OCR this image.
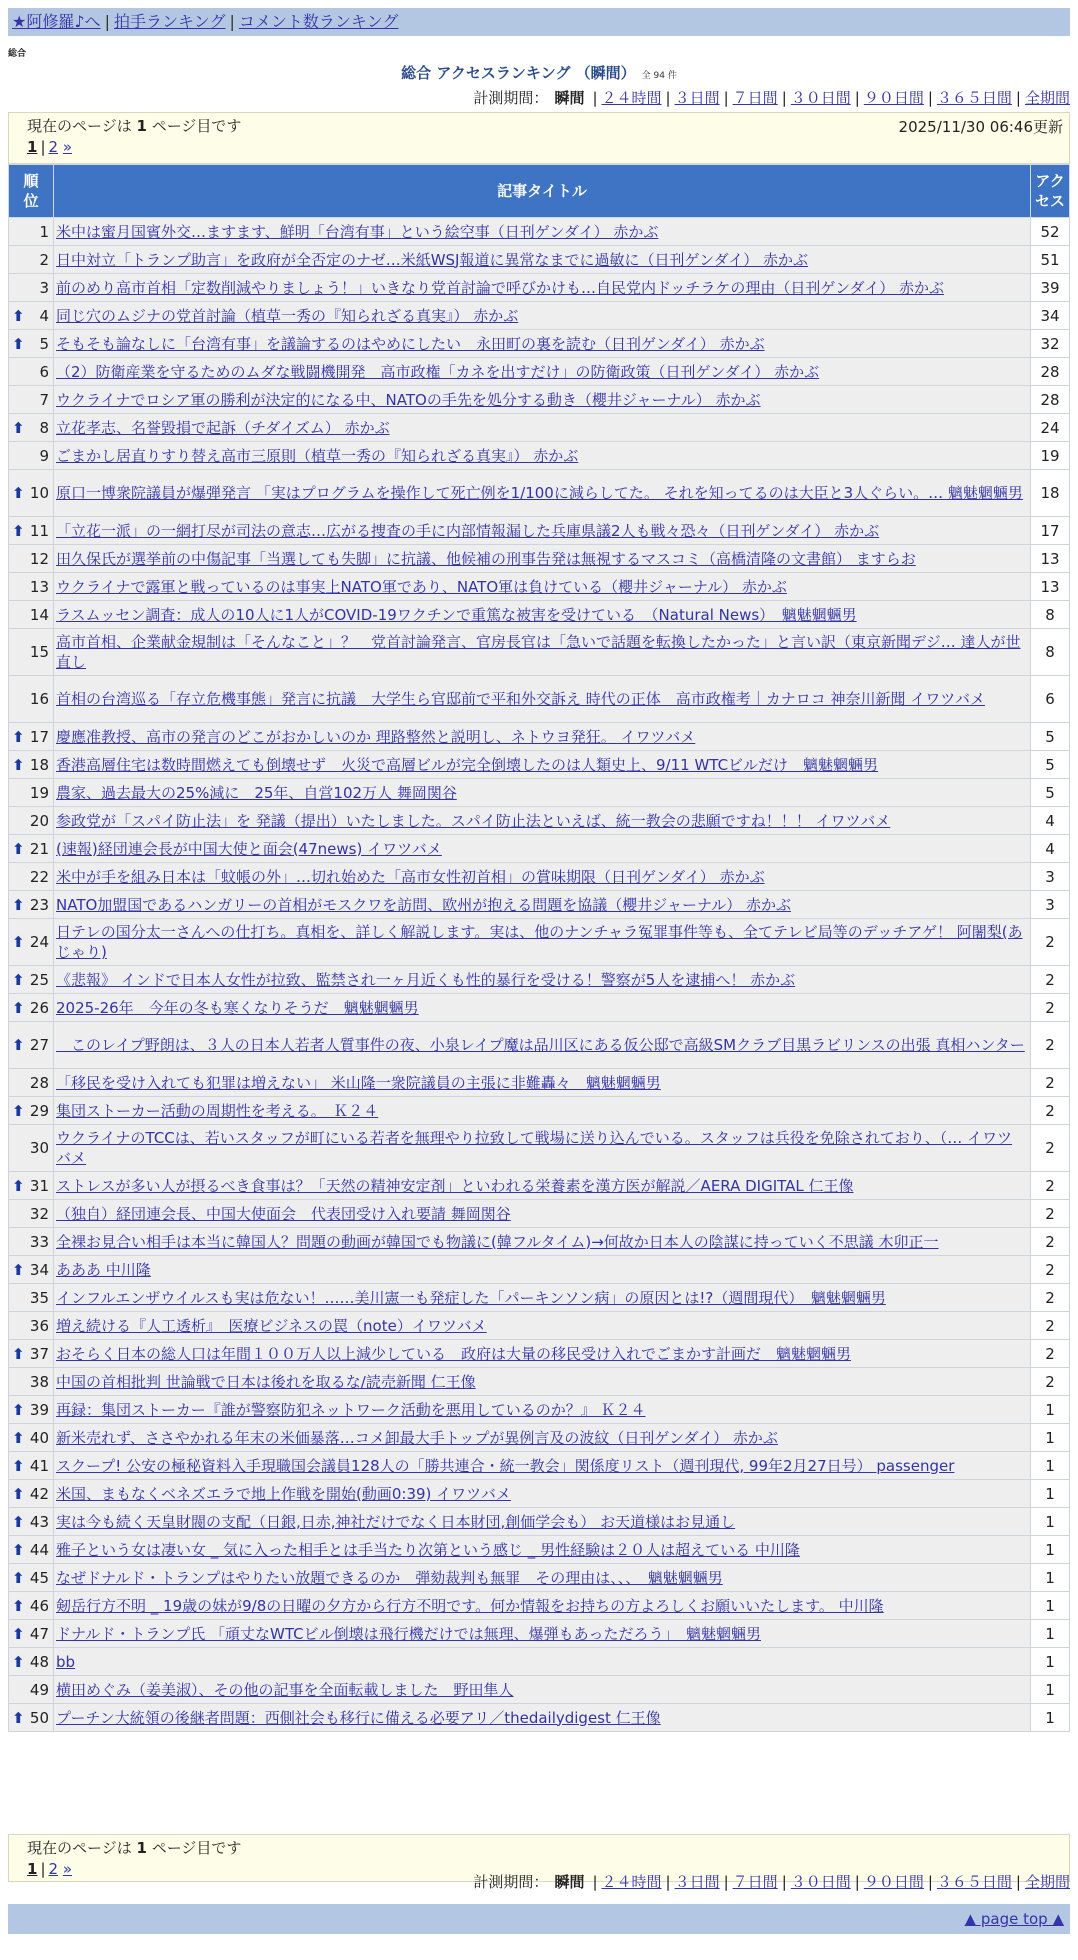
★阿修羅♪へ | 拍手ランキング | コメント数ランキング
総合
総合 アクセスランキング （瞬間） 全 94 件
計測期間： 瞬間 | ２４時間 | ３日間 | ７日間 | ３０日間 | ９０日間 | ３６５日間 | 全期間
現在のページは 1 ページ目です	2025/11/30 06:46更新
1 | 2 »
順位	記事タイトル	アクセス
1	米中は蜜月国賓外交…ますます、鮮明「台湾有事」という絵空事（日刊ゲンダイ） 赤かぶ	52
2	日中対立「トランプ助言」を政府が全否定のナゼ…米紙WSJ報道に異常なまでに過敏に（日刊ゲンダイ） 赤かぶ	51
3	前のめり高市首相「定数削減やりましょう！」いきなり党首討論で呼びかけも…自民党内ドッチラケの理由（日刊ゲンダイ） 赤かぶ	39

⬆ 4	同じ穴のムジナの党首討論（植草一秀の『知られざる真実』） 赤かぶ	34

⬆ 5	そもそも論なしに「台湾有事」を議論するのはやめにしたい　永田町の裏を読む（日刊ゲンダイ） 赤かぶ	32
6	（2）防衛産業を守るためのムダな戦闘機開発　高市政権「カネを出すだけ」の防衛政策（日刊ゲンダイ） 赤かぶ	28
7	ウクライナでロシア軍の勝利が決定的になる中、NATOの手先を処分する動き（櫻井ジャーナル） 赤かぶ	28

⬆ 8	立花孝志、名誉毀損で起訴（チダイズム） 赤かぶ	24
9	ごまかし居直りすり替え高市三原則（植草一秀の『知られざる真実』） 赤かぶ	19

⬆ 10	原口一博衆院議員が爆弾発言 「実はプログラムを操作して死亡例を1/100に減らしてた。 それを知ってるのは大臣と3人ぐらい。… 魑魅魍魎男	18

⬆ 11	「立花一派」の一網打尽が司法の意志…広がる捜査の手に内部情報漏した兵庫県議2人も戦々恐々（日刊ゲンダイ） 赤かぶ	17
12	田久保氏が選挙前の中傷記事「当選しても失脚」に抗議、他候補の刑事告発は無視するマスコミ（高橋清隆の文書館） ますらお	13
13	ウクライナで露軍と戦っているのは事実上NATO軍であり、NATO軍は負けている（櫻井ジャーナル） 赤かぶ	13
14	ラスムッセン調査：成人の10人に1人がCOVID-19ワクチンで重篤な被害を受けている　（Natural News）　魑魅魍魎男	8
15	高市首相、企業献金規制は「そんなこと」？　党首討論発言、官房長官は「急いで話題を転換したかった」と言い訳（東京新聞デジ… 達人が世直し	8
16	首相の台湾巡る「存立危機事態」発言に抗議　大学生ら官邸前で平和外交訴え 時代の正体　高市政権考｜カナロコ 神奈川新聞 イワツバメ	6

⬆ 17	慶應准教授、高市の発言のどこがおかしいのか 理路整然と説明し、ネトウヨ発狂。 イワツバメ	5

⬆ 18	香港高層住宅は数時間燃えても倒壊せず　火災で高層ビルが完全倒壊したのは人類史上、9/11 WTCビルだけ　魑魅魍魎男	5
19	農家、過去最大の25%減に　25年、自営102万人 舞岡関谷	5
20	参政党が「スパイ防止法」を 発議（提出）いたしました。スパイ防止法といえば、統一教会の悲願ですね！！！ イワツバメ	4

⬆ 21	(速報)経団連会長が中国大使と面会(47news) イワツバメ	4
22	米中が手を組み日本は「蚊帳の外」…切れ始めた「高市女性初首相」の賞味期限（日刊ゲンダイ） 赤かぶ	3

⬆ 23	NATO加盟国であるハンガリーの首相がモスクワを訪問、欧州が抱える問題を協議（櫻井ジャーナル） 赤かぶ	3

⬆ 24	日テレの国分太一さんへの仕打ち。真相を、詳しく解説します。実は、他のナンチャラ冤罪事件等も、全てテレビ局等のデッチアゲ！ 阿闍梨(あじゃり)	2

⬆ 25	《悲報》 インドで日本人女性が拉致、監禁され一ヶ月近くも性的暴行を受ける！警察が5人を逮捕へ！ 赤かぶ	2

⬆ 26	2025-26年　今年の冬も寒くなりそうだ　魑魅魍魎男	2

⬆ 27	　このレイプ野朗は、３人の日本人若者人質事件の夜、小泉レイプ魔は品川区にある仮公邸で高級SMクラブ目黒ラビリンスの出張 真相ハンター	2
28	「移民を受け入れても犯罪は増えない」 米山隆一衆院議員の主張に非難轟々　魑魅魍魎男	2

⬆ 29	集団ストーカー活動の周期性を考える。　Ｋ２４	2
30	ウクライナのTCCは、若いスタッフが町にいる若者を無理やり拉致して戦場に送り込んでいる。スタッフは兵役を免除されており、（… イワツバメ	2

⬆ 31	ストレスが多い人が摂るべき食事は？「天然の精神安定剤」といわれる栄養素を漢方医が解説／AERA DIGITAL 仁王像	2
32	（独自）経団連会長、中国大使面会　代表団受け入れ要請 舞岡関谷	2
33	全裸お見合い相手は本当に韓国人？問題の動画が韓国でも物議に(韓フルタイム)→何故か日本人の陰謀に持っていく不思議 木卯正一	2

⬆ 34	あああ 中川隆	2
35	インフルエンザウイルスも実は危ない！……美川憲一も発症した「パーキンソン病」の原因とは!?（週間現代）　魑魅魍魎男	2
36	増え続ける『人工透析』　医療ビジネスの罠（note）イワツバメ	2

⬆ 37	おそらく日本の総人口は年間１００万人以上減少している　政府は大量の移民受け入れでごまかす計画だ　魑魅魍魎男	2
38	中国の首相批判 世論戦で日本は後れを取るな/読売新聞 仁王像	2

⬆ 39	再録：集団ストーカー『誰が警察防犯ネットワーク活動を悪用しているのか？』 Ｋ２４	1

⬆ 40	新米売れず、ささやかれる年末の米価暴落…コメ卸最大手トップが異例言及の波紋（日刊ゲンダイ） 赤かぶ	1

⬆ 41	スクープ! 公安の極秘資料入手現職国会議員128人の「勝共連合・統一教会」関係度リスト（週刊現代, 99年2月27日号） passenger	1

⬆ 42	米国、まもなくベネズエラで地上作戦を開始(動画0:39) イワツバメ	1

⬆ 43	実は今も続く天皇財閥の支配（日銀,日赤,神社だけでなく日本財団,創価学会も） お天道様はお見通し	1

⬆ 44	雅子という女は凄い女 _ 気に入った相手とは手当たり次第という感じ _ 男性経験は２０人は超えている 中川隆	1

⬆ 45	なぜドナルド・トランプはやりたい放題できるのか　弾劾裁判も無罪　その理由は、、、　魑魅魍魎男	1

⬆ 46	剱岳行方不明 _ 19歳の妹が9/8の日曜の夕方から行方不明です。何か情報をお持ちの方よろしくお願いいたします。 中川隆	1

⬆ 47	ドナルド・トランプ氏 「頑丈なWTCビル倒壊は飛行機だけでは無理、爆弾もあっただろう」　魑魅魍魎男	1

⬆ 48	bb	1
49	横田めぐみ（姜美淑）、その他の記事を全面転載しました　野田隼人	1

⬆ 50	プーチン大統領の後継者問題：西側社会も移行に備える必要アリ／thedailydigest 仁王像	1
現在のページは 1 ページ目です
1 | 2 »
計測期間： 瞬間 | ２４時間 | ３日間 | ７日間 | ３０日間 | ９０日間 | ３６５日間 | 全期間
▲ page top ▲
